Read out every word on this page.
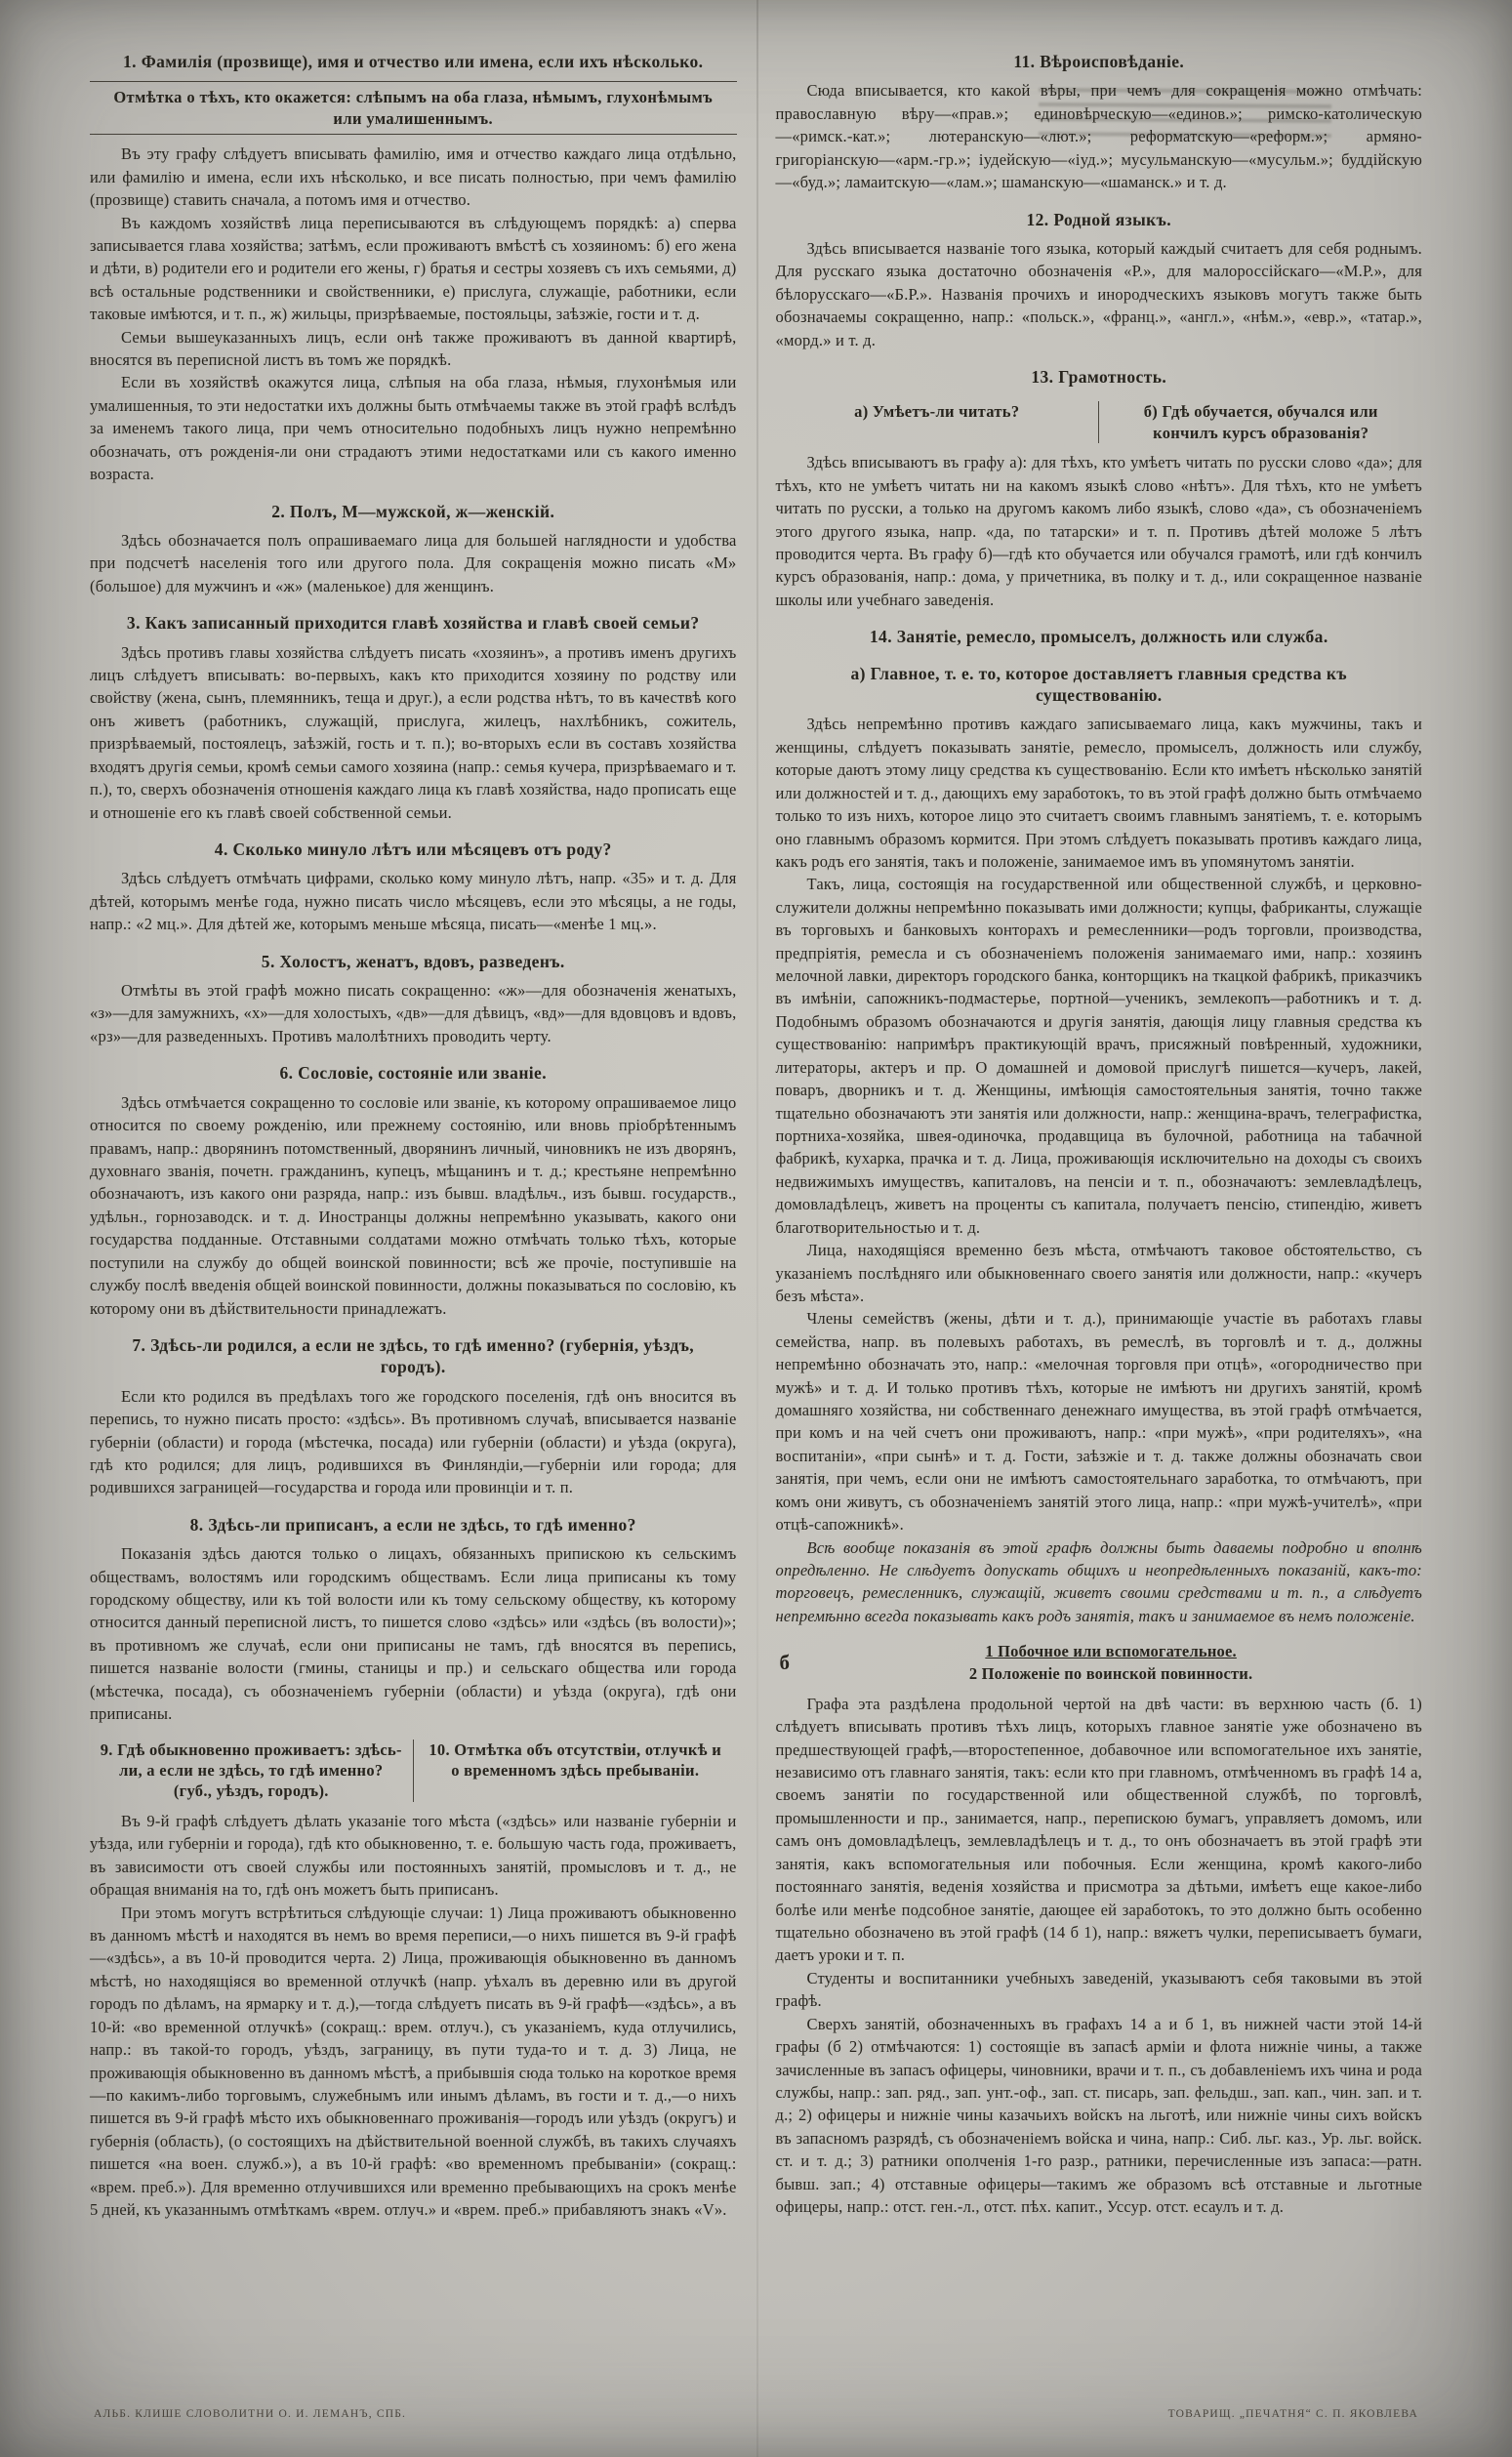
1. Фамилія (прозвище), имя и отчество или имена, если ихъ нѣсколько.
Отмѣтка о тѣхъ, кто окажется: слѣпымъ на оба глаза, нѣмымъ, глухонѣмымъ или умалишеннымъ.

Въ эту графу слѣдуетъ вписывать фамилію, имя и отчество каждаго лица отдѣльно, или фамилію и имена, если ихъ нѣсколько, и все писать полностью, при чемъ фамилію (прозвище) ставить сначала, а потомъ имя и отчество.

Въ каждомъ хозяйствѣ лица переписываются въ слѣдующемъ порядкѣ: а) сперва записывается глава хозяйства; затѣмъ, если проживаютъ вмѣстѣ съ хозяиномъ: б) его жена и дѣти, в) родители его и родители его жены, г) братья и сестры хозяевъ съ ихъ семьями, д) всѣ остальные родственники и свойственники, е) прислуга, служащіе, работники, если таковые имѣются, и т. п., ж) жильцы, призрѣваемые, постояльцы, заѣзжіе, гости и т. д.

Семьи вышеуказанныхъ лицъ, если онѣ также проживаютъ въ данной квартирѣ, вносятся въ переписной листъ въ томъ же порядкѣ.

Если въ хозяйствѣ окажутся лица, слѣпыя на оба глаза, нѣмыя, глухонѣмыя или умалишенныя, то эти недостатки ихъ должны быть отмѣчаемы также въ этой графѣ вслѣдъ за именемъ такого лица, при чемъ относительно подобныхъ лицъ нужно непремѣнно обозначать, отъ рожденія-ли они страдаютъ этими недостатками или съ какого именно возраста.

2. Полъ, М—мужской, ж—женскій.

Здѣсь обозначается полъ опрашиваемаго лица для большей наглядности и удобства при подсчетѣ населенія того или другого пола. Для сокращенія можно писать «М» (большое) для мужчинъ и «ж» (маленькое) для женщинъ.

3. Какъ записанный приходится главѣ хозяйства и главѣ своей семьи?

Здѣсь противъ главы хозяйства слѣдуетъ писать «хозяинъ», а противъ именъ другихъ лицъ слѣдуетъ вписывать: во-первыхъ, какъ кто приходится хозяину по родству или свойству (жена, сынъ, племянникъ, теща и друг.), а если родства нѣтъ, то въ качествѣ кого онъ живетъ (работникъ, служащій, прислуга, жилецъ, нахлѣбникъ, сожитель, призрѣваемый, постоялецъ, заѣзжій, гость и т. п.); во-вторыхъ если въ составъ хозяйства входятъ другія семьи, кромѣ семьи самого хозяина (напр.: семья кучера, призрѣваемаго и т. п.), то, сверхъ обозначенія отношенія каждаго лица къ главѣ хозяйства, надо прописать еще и отношеніе его къ главѣ своей собственной семьи.

4. Сколько минуло лѣтъ или мѣсяцевъ отъ роду?

Здѣсь слѣдуетъ отмѣчать цифрами, сколько кому минуло лѣтъ, напр. «35» и т. д. Для дѣтей, которымъ менѣе года, нужно писать число мѣсяцевъ, если это мѣсяцы, а не годы, напр.: «2 мц.». Для дѣтей же, которымъ меньше мѣсяца, писать—«менѣе 1 мц.».

5. Холостъ, женатъ, вдовъ, разведенъ.

Отмѣты въ этой графѣ можно писать сокращенно: «ж»—для обозначенія женатыхъ, «з»—для замужнихъ, «х»—для холостыхъ, «дв»—для дѣвицъ, «вд»—для вдовцовъ и вдовъ, «рз»—для разведенныхъ. Противъ малолѣтнихъ проводить черту.

6. Сословіе, состояніе или званіе.

Здѣсь отмѣчается сокращенно то сословіе или званіе, къ которому опрашиваемое лицо относится по своему рожденію, или прежнему состоянію, или вновь пріобрѣтеннымъ правамъ, напр.: дворянинъ потомственный, дворянинъ личный, чиновникъ не изъ дворянъ, духовнаго званія, почетн. гражданинъ, купецъ, мѣщанинъ и т. д.; крестьяне непремѣнно обозначаютъ, изъ какого они разряда, напр.: изъ бывш. владѣльч., изъ бывш. государств., удѣльн., горнозаводск. и т. д. Иностранцы должны непремѣнно указывать, какого они государства подданные. Отставными солдатами можно отмѣчать только тѣхъ, которые поступили на службу до общей воинской повинности; всѣ же прочіе, поступившіе на службу послѣ введенія общей воинской повинности, должны показываться по сословію, къ которому они въ дѣйствительности принадлежатъ.

7. Здѣсь-ли родился, а если не здѣсь, то гдѣ именно? (губернія, уѣздъ, городъ).

Если кто родился въ предѣлахъ того же городского поселенія, гдѣ онъ вносится въ перепись, то нужно писать просто: «здѣсь». Въ противномъ случаѣ, вписывается названіе губерніи (области) и города (мѣстечка, посада) или губерніи (области) и уѣзда (округа), гдѣ кто родился; для лицъ, родившихся въ Финляндіи,—губерніи или города; для родившихся заграницей—государства и города или провинціи и т. п.

8. Здѣсь-ли приписанъ, а если не здѣсь, то гдѣ именно?

Показанія здѣсь даются только о лицахъ, обязанныхъ припискою къ сельскимъ обществамъ, волостямъ или городскимъ обществамъ. Если лица приписаны къ тому городскому обществу, или къ той волости или къ тому сельскому обществу, къ которому относится данный переписной листъ, то пишется слово «здѣсь» или «здѣсь (въ волости)»; въ противномъ же случаѣ, если они приписаны не тамъ, гдѣ вносятся въ перепись, пишется названіе волости (гмины, станицы и пр.) и сельскаго общества или города (мѣстечка, посада), съ обозначеніемъ губерніи (области) и уѣзда (округа), гдѣ они приписаны.

9. Гдѣ обыкновенно проживаетъ: здѣсь-ли, а если не здѣсь, то гдѣ именно? (губ., уѣздъ, городъ).
10. Отмѣтка объ отсутствіи, отлучкѣ и о временномъ здѣсь пребываніи.

Въ 9-й графѣ слѣдуетъ дѣлать указаніе того мѣста («здѣсь» или названіе губерніи и уѣзда, или губерніи и города), гдѣ кто обыкновенно, т. е. большую часть года, проживаетъ, въ зависимости отъ своей службы или постоянныхъ занятій, промысловъ и т. д., не обращая вниманія на то, гдѣ онъ можетъ быть приписанъ.

При этомъ могутъ встрѣтиться слѣдующіе случаи: 1) Лица проживаютъ обыкновенно въ данномъ мѣстѣ и находятся въ немъ во время переписи,—о нихъ пишется въ 9-й графѣ—«здѣсь», а въ 10-й проводится черта. 2) Лица, проживающія обыкновенно въ данномъ мѣстѣ, но находящіяся во временной отлучкѣ (напр. уѣхалъ въ деревню или въ другой городъ по дѣламъ, на ярмарку и т. д.),—тогда слѣдуетъ писать въ 9-й графѣ—«здѣсь», а въ 10-й: «во временной отлучкѣ» (сокращ.: врем. отлуч.), съ указаніемъ, куда отлучились, напр.: въ такой-то городъ, уѣздъ, заграницу, въ пути туда-то и т. д. 3) Лица, не проживающія обыкновенно въ данномъ мѣстѣ, а прибывшія сюда только на короткое время—по какимъ-либо торговымъ, служебнымъ или инымъ дѣламъ, въ гости и т. д.,—о нихъ пишется въ 9-й графѣ мѣсто ихъ обыкновеннаго проживанія—городъ или уѣздъ (округъ) и губернія (область), (о состоящихъ на дѣйствительной военной службѣ, въ такихъ случаяхъ пишется «на воен. служб.»), а въ 10-й графѣ: «во временномъ пребываніи» (сокращ.: «врем. преб.»). Для временно отлучившихся или временно пребывающихъ на срокъ менѣе 5 дней, къ указаннымъ отмѣткамъ «врем. отлуч.» и «врем. преб.» прибавляютъ знакъ «V».

11. Вѣроисповѣданіе.

Сюда вписывается, кто какой вѣры, при чемъ для сокращенія можно отмѣчать: православную вѣру—«прав.»; единовѣрческую—«единов.»; римско-католическую—«римск.-кат.»; лютеранскую—«лют.»; реформатскую—«реформ.»; армяно-григоріанскую—«арм.-гр.»; іудейскую—«іуд.»; мусульманскую—«мусульм.»; буддійскую—«буд.»; ламаитскую—«лам.»; шаманскую—«шаманск.» и т. д.

12. Родной языкъ.

Здѣсь вписывается названіе того языка, который каждый считаетъ для себя роднымъ. Для русскаго языка достаточно обозначенія «Р.», для малороссійскаго—«М.Р.», для бѣлорусскаго—«Б.Р.». Названія прочихъ и инородческихъ языковъ могутъ также быть обозначаемы сокращенно, напр.: «польск.», «франц.», «англ.», «нѣм.», «евр.», «татар.», «морд.» и т. д.

13. Грамотность.
а) Умѣетъ-ли читать?	б) Гдѣ обучается, обучался или кончилъ курсъ образованія?

Здѣсь вписываютъ въ графу а): для тѣхъ, кто умѣетъ читать по русски слово «да»; для тѣхъ, кто не умѣетъ читать ни на какомъ языкѣ слово «нѣтъ». Для тѣхъ, кто не умѣетъ читать по русски, а только на другомъ какомъ либо языкѣ, слово «да», съ обозначеніемъ этого другого языка, напр. «да, по татарски» и т. п. Противъ дѣтей моложе 5 лѣтъ проводится черта. Въ графу б)—гдѣ кто обучается или обучался грамотѣ, или гдѣ кончилъ курсъ образованія, напр.: дома, у причетника, въ полку и т. д., или сокращенное названіе школы или учебнаго заведенія.

14. Занятіе, ремесло, промыселъ, должность или служба.
а) Главное, т. е. то, которое доставляетъ главныя средства къ существованію.

Здѣсь непремѣнно противъ каждаго записываемаго лица, какъ мужчины, такъ и женщины, слѣдуетъ показывать занятіе, ремесло, промыселъ, должность или службу, которые даютъ этому лицу средства къ существованію. Если кто имѣетъ нѣсколько занятій или должностей и т. д., дающихъ ему заработокъ, то въ этой графѣ должно быть отмѣчаемо только то изъ нихъ, которое лицо это считаетъ своимъ главнымъ занятіемъ, т. е. которымъ оно главнымъ образомъ кормится. При этомъ слѣдуетъ показывать противъ каждаго лица, какъ родъ его занятія, такъ и положеніе, занимаемое имъ въ упомянутомъ занятіи.

Такъ, лица, состоящія на государственной или общественной службѣ, и церковно-служители должны непремѣнно показывать ими должности; купцы, фабриканты, служащіе въ торговыхъ и банковыхъ конторахъ и ремесленники—родъ торговли, производства, предпріятія, ремесла и съ обозначеніемъ положенія занимаемаго ими, напр.: хозяинъ мелочной лавки, директоръ городского банка, конторщикъ на ткацкой фабрикѣ, приказчикъ въ имѣніи, сапожникъ-подмастерье, портной—ученикъ, землекопъ—работникъ и т. д. Подобнымъ образомъ обозначаются и другія занятія, дающія лицу главныя средства къ существованію: напримѣръ практикующій врачъ, присяжный повѣренный, художники, литераторы, актеръ и пр. О домашней и домовой прислугѣ пишется—кучеръ, лакей, поваръ, дворникъ и т. д. Женщины, имѣющія самостоятельныя занятія, точно также тщательно обозначаютъ эти занятія или должности, напр.: женщина-врачъ, телеграфистка, портниха-хозяйка, швея-одиночка, продавщица въ булочной, работница на табачной фабрикѣ, кухарка, прачка и т. д. Лица, проживающія исключительно на доходы съ своихъ недвижимыхъ имуществъ, капиталовъ, на пенсіи и т. п., обозначаютъ: землевладѣлецъ, домовладѣлецъ, живетъ на проценты съ капитала, получаетъ пенсію, стипендію, живетъ благотворительностью и т. д.

Лица, находящіяся временно безъ мѣста, отмѣчаютъ таковое обстоятельство, съ указаніемъ послѣдняго или обыкновеннаго своего занятія или должности, напр.: «кучеръ безъ мѣста».

Члены семействъ (жены, дѣти и т. д.), принимающіе участіе въ работахъ главы семейства, напр. въ полевыхъ работахъ, въ ремеслѣ, въ торговлѣ и т. д., должны непремѣнно обозначать это, напр.: «мелочная торговля при отцѣ», «огородничество при мужѣ» и т. д. И только противъ тѣхъ, которые не имѣютъ ни другихъ занятій, кромѣ домашняго хозяйства, ни собственнаго денежнаго имущества, въ этой графѣ отмѣчается, при комъ и на чей счетъ они проживаютъ, напр.: «при мужѣ», «при родителяхъ», «на воспитаніи», «при сынѣ» и т. д. Гости, заѣзжіе и т. д. также должны обозначать свои занятія, при чемъ, если они не имѣютъ самостоятельнаго заработка, то отмѣчаютъ, при комъ они живутъ, съ обозначеніемъ занятій этого лица, напр.: «при мужѣ-учителѣ», «при отцѣ-сапожникѣ».

Всѣ вообще показанія въ этой графѣ должны быть даваемы подробно и вполнѣ опредѣленно. Не слѣдуетъ допускать общихъ и неопредѣленныхъ показаній, какъ-то: торговецъ, ремесленникъ, служащій, живетъ своими средствами и т. п., а слѣдуетъ непремѣнно всегда показывать какъ родъ занятія, такъ и занимаемое въ немъ положеніе.

б	1 Побочное или вспомогательное.
2 Положеніе по воинской повинности.

Графа эта раздѣлена продольной чертой на двѣ части: въ верхнюю часть (б. 1) слѣдуетъ вписывать противъ тѣхъ лицъ, которыхъ главное занятіе уже обозначено въ предшествующей графѣ,—второстепенное, добавочное или вспомогательное ихъ занятіе, независимо отъ главнаго занятія, такъ: если кто при главномъ, отмѣченномъ въ графѣ 14 а, своемъ занятіи по государственной или общественной службѣ, по торговлѣ, промышленности и пр., занимается, напр., перепискою бумагъ, управляетъ домомъ, или самъ онъ домовладѣлецъ, землевладѣлецъ и т. д., то онъ обозначаетъ въ этой графѣ эти занятія, какъ вспомогательныя или побочныя. Если женщина, кромѣ какого-либо постояннаго занятія, веденія хозяйства и присмотра за дѣтьми, имѣетъ еще какое-либо болѣе или менѣе подсобное занятіе, дающее ей заработокъ, то это должно быть особенно тщательно обозначено въ этой графѣ (14 б 1), напр.: вяжетъ чулки, переписываетъ бумаги, даетъ уроки и т. п.

Студенты и воспитанники учебныхъ заведеній, указываютъ себя таковыми въ этой графѣ.

Сверхъ занятій, обозначенныхъ въ графахъ 14 а и б 1, въ нижней части этой 14-й графы (б 2) отмѣчаются: 1) состоящіе въ запасѣ арміи и флота нижніе чины, а также зачисленные въ запасъ офицеры, чиновники, врачи и т. п., съ добавленіемъ ихъ чина и рода службы, напр.: зап. ряд., зап. унт.-оф., зап. ст. писарь, зап. фельдш., зап. кап., чин. зап. и т. д.; 2) офицеры и нижніе чины казачьихъ войскъ на льготѣ, или нижніе чины сихъ войскъ въ запасномъ разрядѣ, съ обозначеніемъ войска и чина, напр.: Сиб. льг. каз., Ур. льг. войск. ст. и т. д.; 3) ратники ополченія 1-го разр., ратники, перечисленные изъ запаса:—ратн. бывш. зап.; 4) отставные офицеры—такимъ же образомъ всѣ отставные и льготные офицеры, напр.: отст. ген.-л., отст. пѣх. капит., Уссур. отст. есаулъ и т. д.

АЛЬБ. КЛИШЕ СЛОВОЛИТНИ О. И. ЛЕМАНЪ, СПБ.	ТОВАРИЩ. „ПЕЧАТНЯ“ С. П. ЯКОВЛЕВА
